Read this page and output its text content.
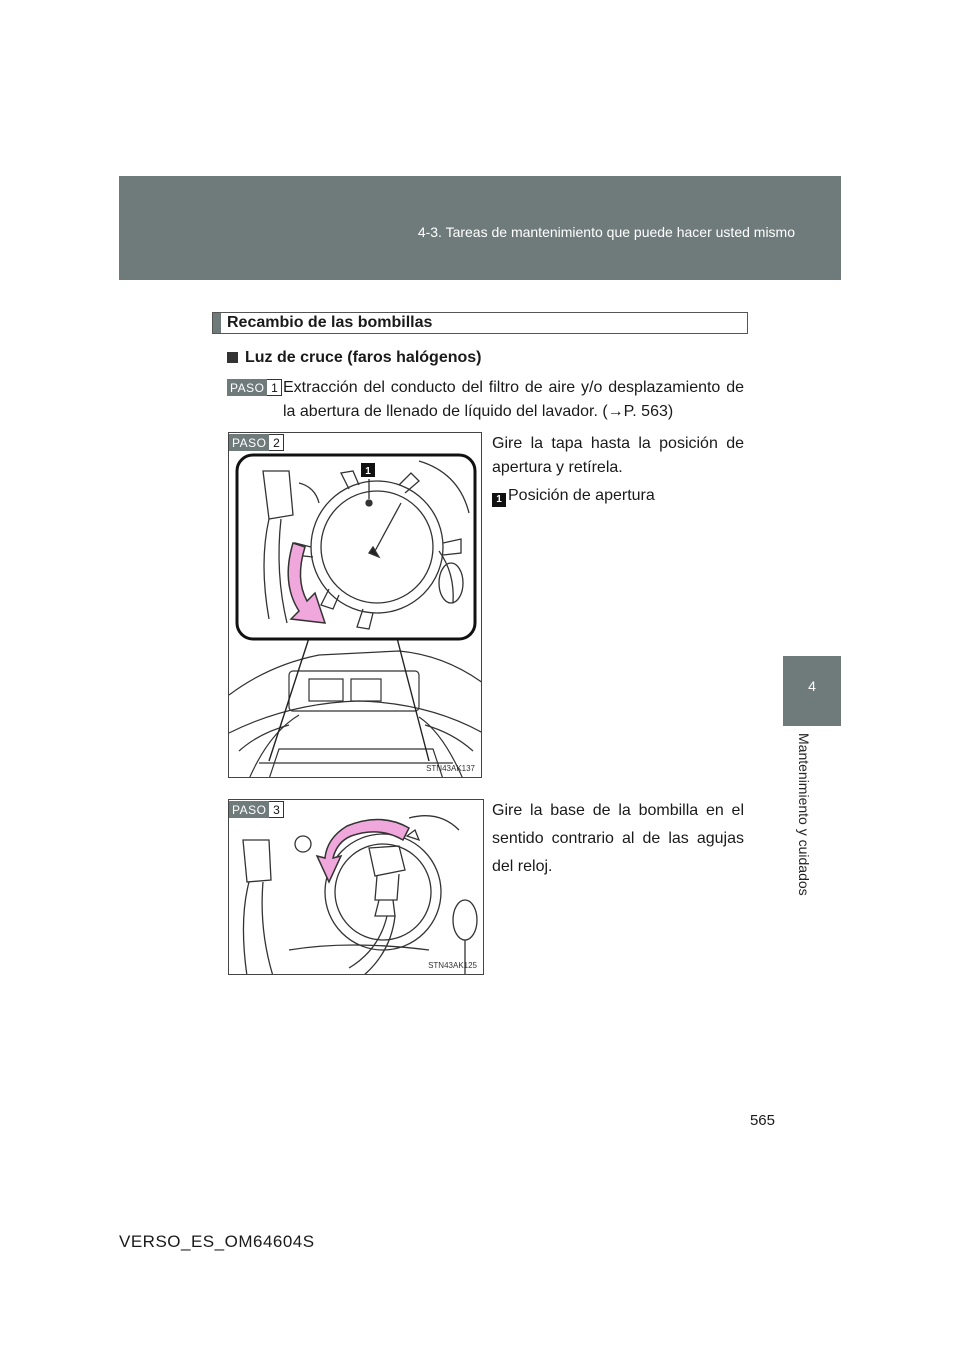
4-3. Tareas de mantenimiento que puede hacer usted mismo
4
Mantenimiento y cuidados
Recambio de las bombillas
Luz de cruce (faros halógenos)
PASO 1 Extracción del conducto del filtro de aire y/o desplazamiento de la abertura de llenado de líquido del lavador. (→P. 563)
1
STN43AK137
PASO 2	Gire la tapa hasta la posición de apertura y retírela.
1 Posición de apertura
STN43AK125
PASO 3	Gire la base de la bombilla en el sentido contrario al de las agujas del reloj.
565
VERSO_ES_OM64604S
